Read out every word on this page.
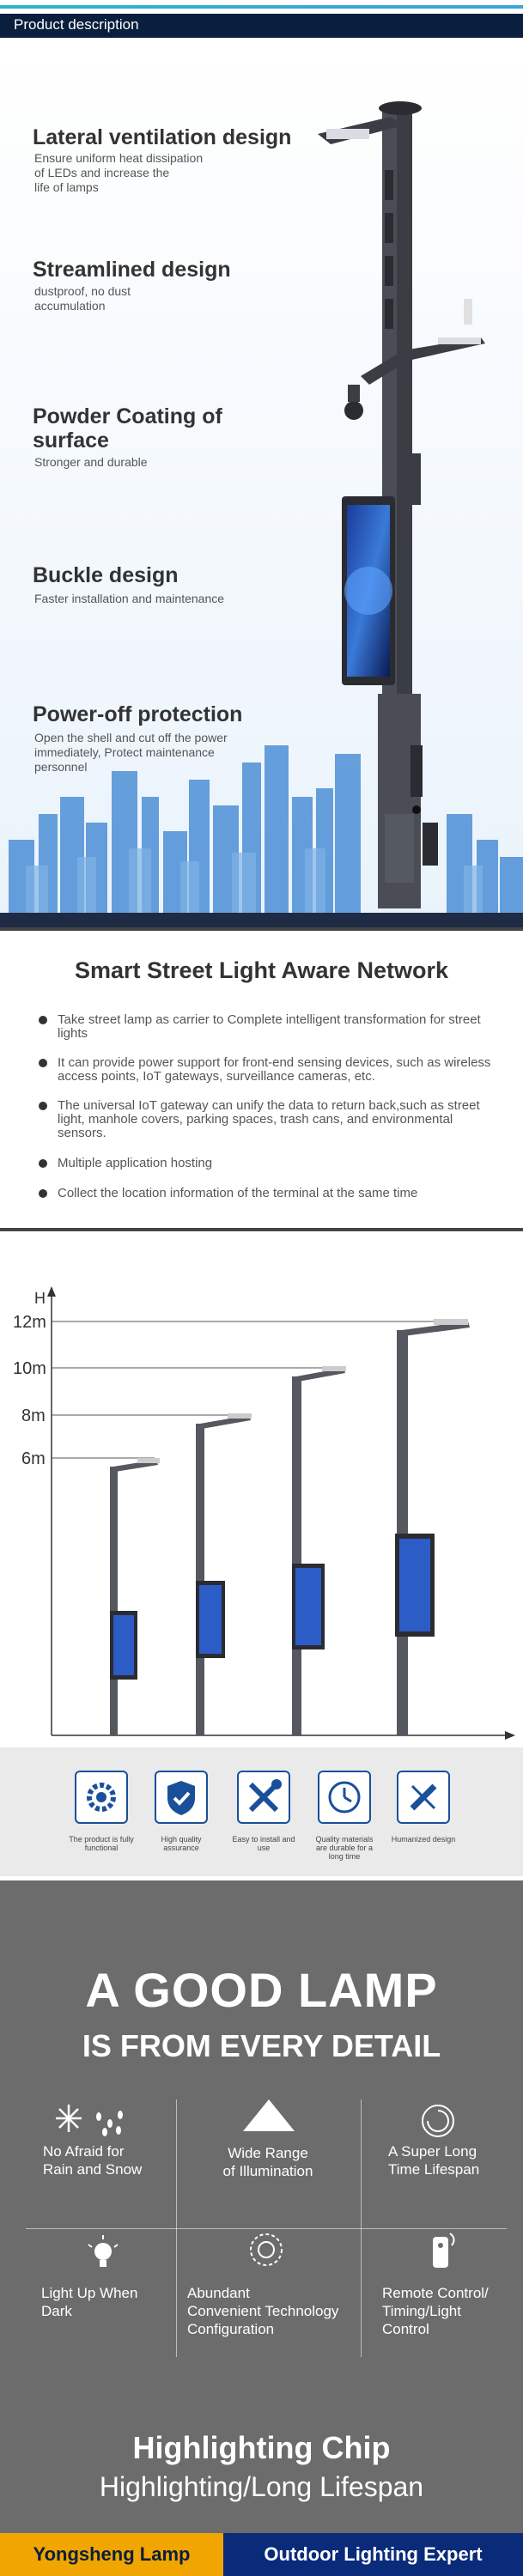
Product description
Lateral ventilation design
Ensure uniform heat dissipation
of LEDs and increase the
life of lamps
Streamlined design
dustproof, no dust
accumulation
Powder Coating of surface
Stronger and durable
Buckle design
Faster installation and maintenance
Power-off protection
Open the shell and cut off the power
immediately, Protect maintenance
personnel
Smart Street Light Aware Network
Take street lamp as carrier to Complete intelligent transformation for street lights
It can provide power support for front-end sensing devices, such as wireless access points, IoT gateways, surveillance cameras, etc.
The universal IoT gateway can unify the data to return back,such as street light, manhole covers, parking spaces, trash cans, and environmental sensors.
Multiple application hosting
Collect the location information of the terminal at the same time
H
12m
10m
8m
6m
The product is fully functional
High quality assurance
Easy to install and use
Quality materials are durable for a long time
Humanized design
A GOOD LAMP
IS FROM EVERY DETAIL
No Afraid for
Rain and Snow
Wide Range
of Illumination
A Super Long
Time Lifespan
Light Up When
Dark
Abundant
Convenient Technology
Configuration
Remote Control/
Timing/Light
Control
Highlighting Chip
Highlighting/Long Lifespan
Yongsheng Lamp	Outdoor Lighting Expert
